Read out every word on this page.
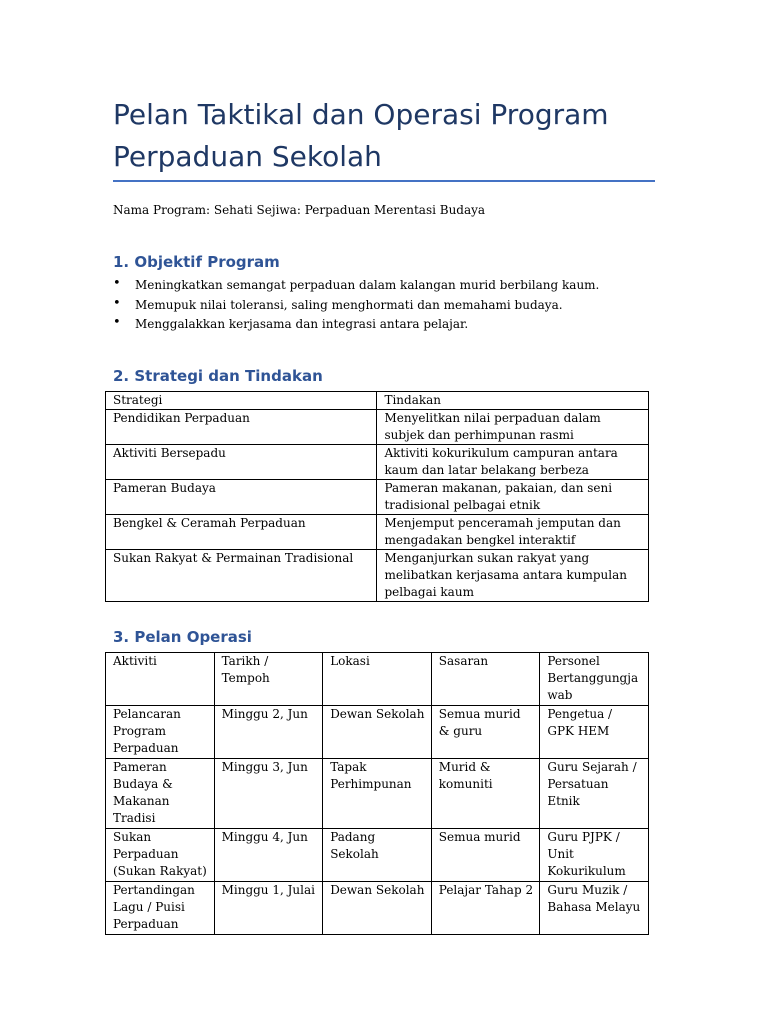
Pelan Taktikal dan Operasi Program Perpaduan Sekolah
Nama Program: Sehati Sejiwa: Perpaduan Merentasi Budaya
1. Objektif Program
• Meningkatkan semangat perpaduan dalam kalangan murid berbilang kaum.
• Memupuk nilai toleransi, saling menghormati dan memahami budaya.
• Menggalakkan kerjasama dan integrasi antara pelajar.
2. Strategi dan Tindakan
Strategi	Tindakan
Pendidikan Perpaduan	Menyelitkan nilai perpaduan dalam subjek dan perhimpunan rasmi
Aktiviti Bersepadu	Aktiviti kokurikulum campuran antara kaum dan latar belakang berbeza
Pameran Budaya	Pameran makanan, pakaian, dan seni tradisional pelbagai etnik
Bengkel & Ceramah Perpaduan	Menjemput penceramah jemputan dan mengadakan bengkel interaktif
Sukan Rakyat & Permainan Tradisional	Menganjurkan sukan rakyat yang melibatkan kerjasama antara kumpulan pelbagai kaum
3. Pelan Operasi
Aktiviti	Tarikh / Tempoh	Lokasi	Sasaran	Personel Bertanggungja wab
Pelancaran Program Perpaduan	Minggu 2, Jun	Dewan Sekolah	Semua murid & guru	Pengetua / GPK HEM
Pameran Budaya & Makanan Tradisi	Minggu 3, Jun	Tapak Perhimpunan	Murid & komuniti	Guru Sejarah / Persatuan Etnik
Sukan Perpaduan (Sukan Rakyat)	Minggu 4, Jun	Padang Sekolah	Semua murid	Guru PJPK / Unit Kokurikulum
Pertandingan Lagu / Puisi Perpaduan	Minggu 1, Julai	Dewan Sekolah	Pelajar Tahap 2	Guru Muzik / Bahasa Melayu
